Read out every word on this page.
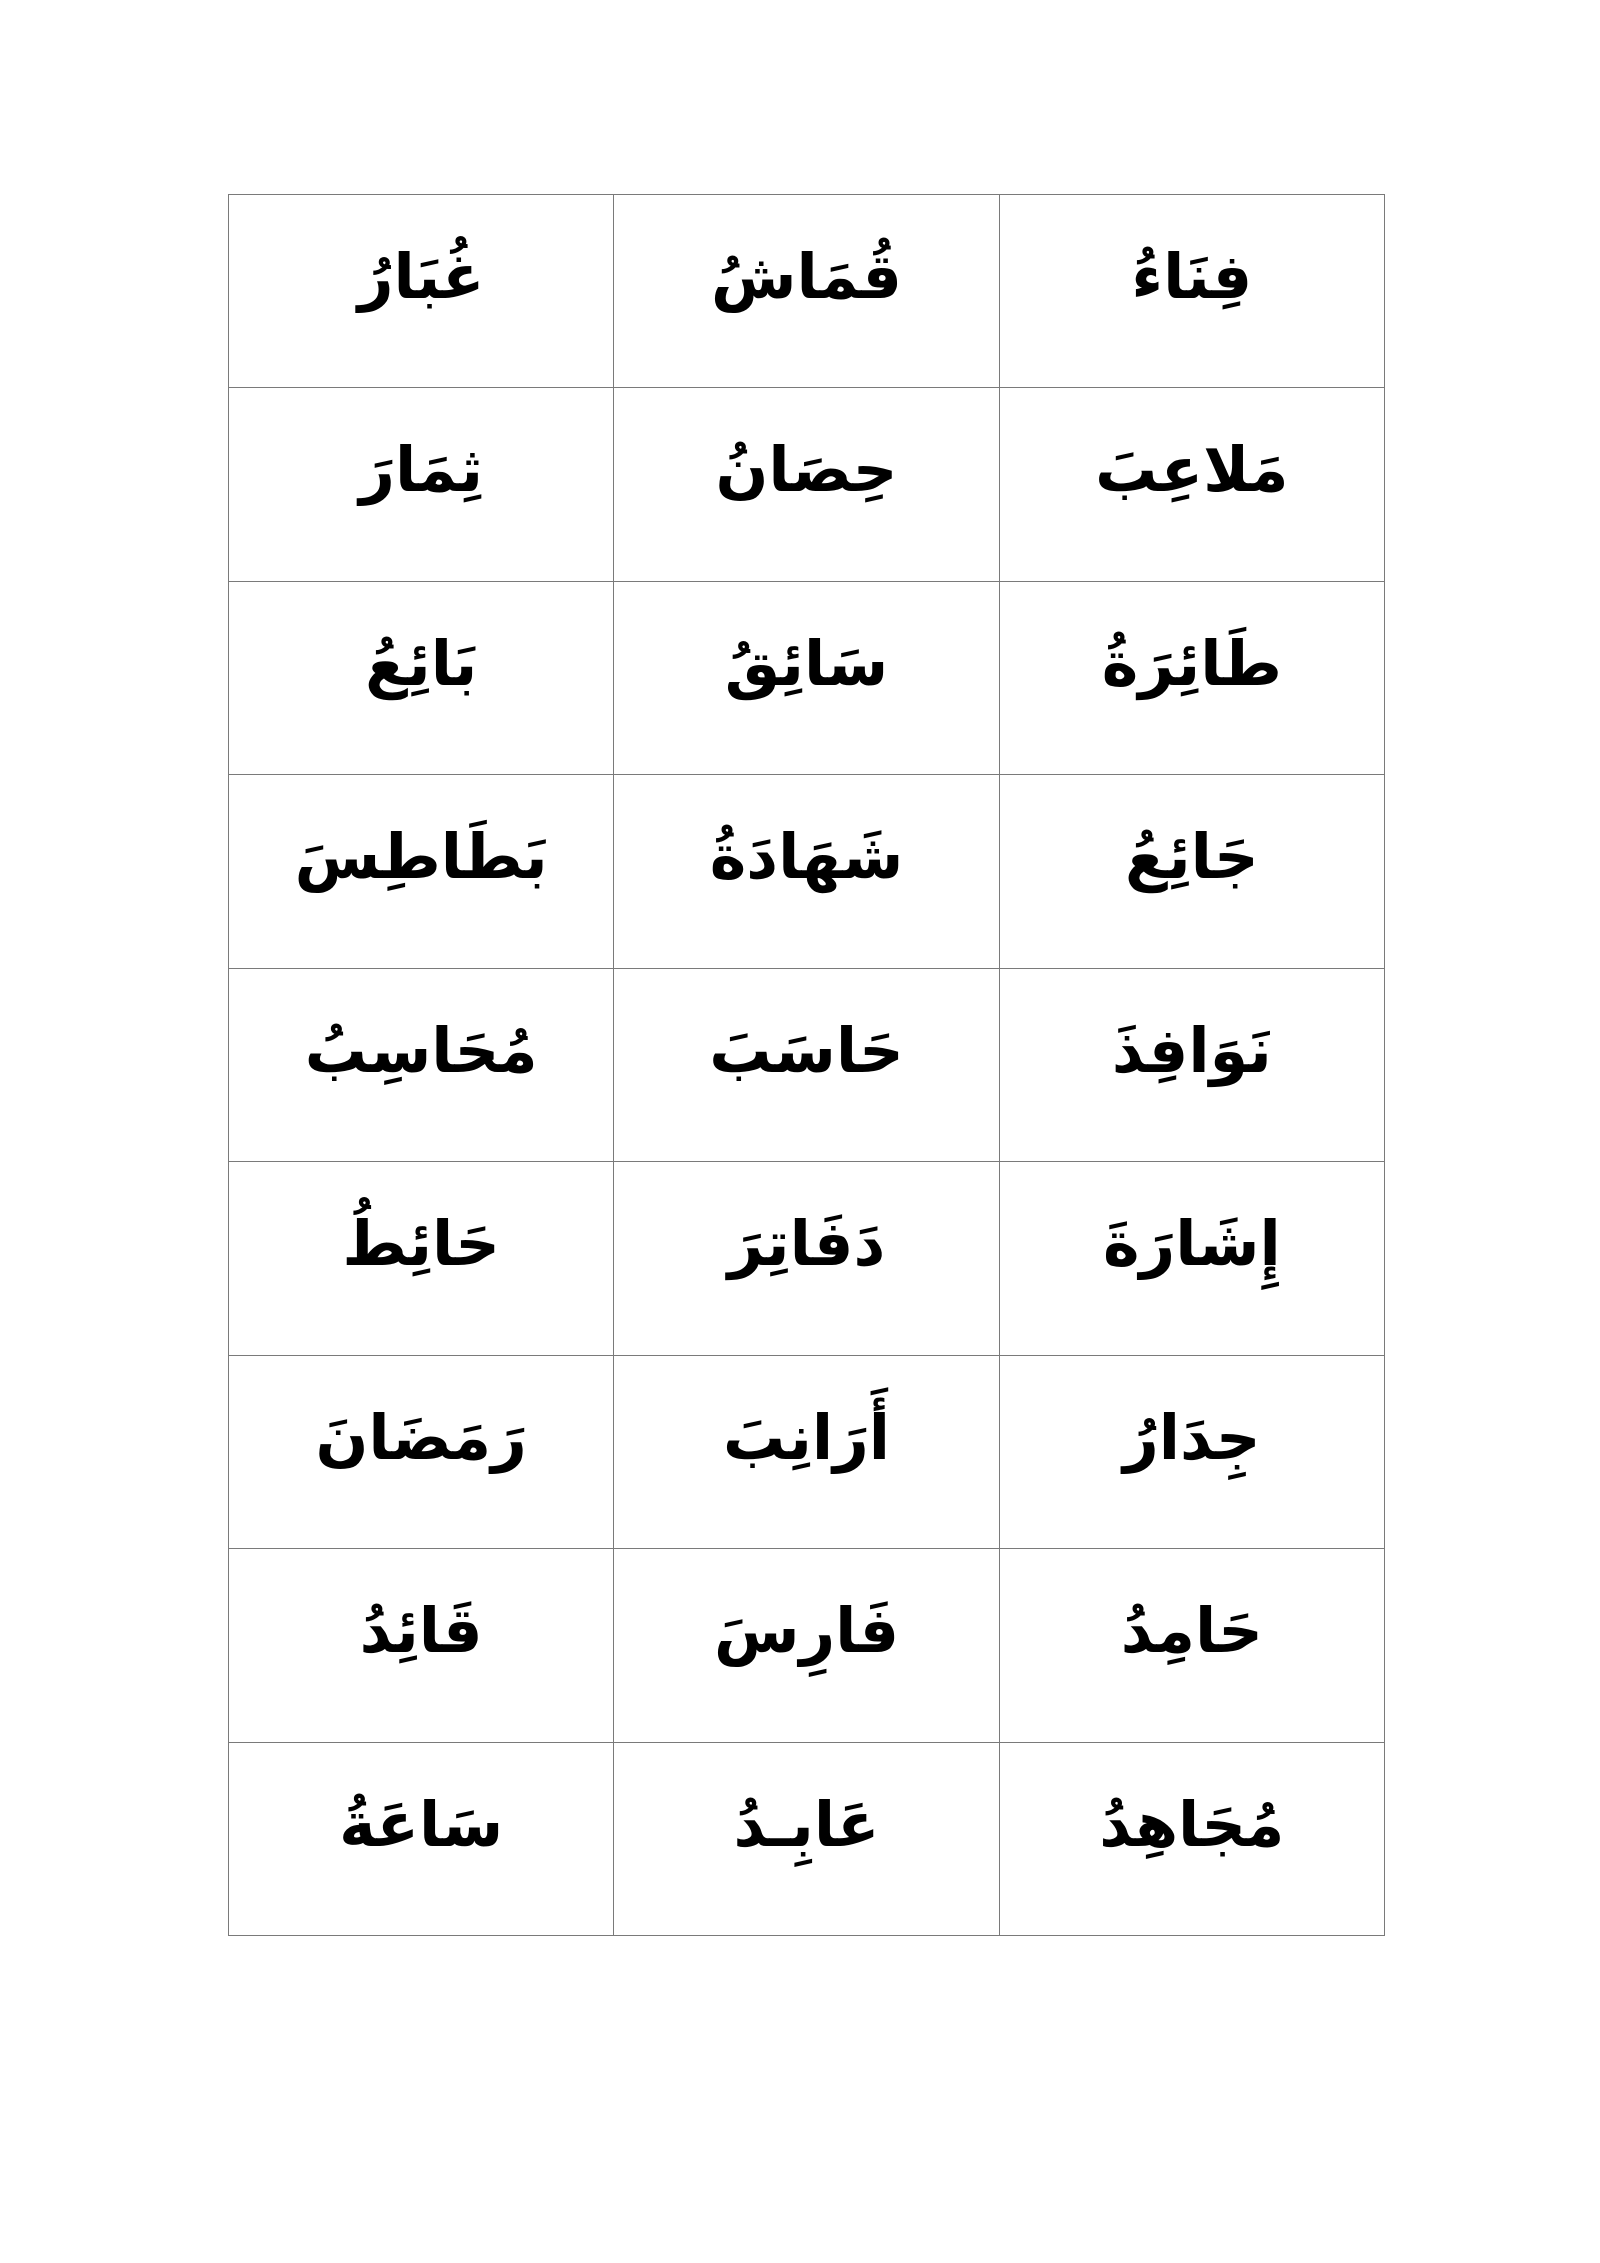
فِنَاءُ	قُمَاشُ	غُبَارُ
مَلاعِبَ	حِصَانُ	ثِمَارَ
طَائِرَةُ	سَائِقُ	بَائِعُ
جَائِعُ	شَهَادَةُ	بَطَاطِسَ
نَوَافِذَ	حَاسَبَ	مُحَاسِبُ
إِشَارَةَ	دَفَاتِرَ	حَائِطُ
جِدَارُ	أَرَانِبَ	رَمَضَانَ
حَامِدُ	فَارِسَ	قَائِدُ
مُجَاهِدُ	عَابِـدُ	سَاعَةُ
